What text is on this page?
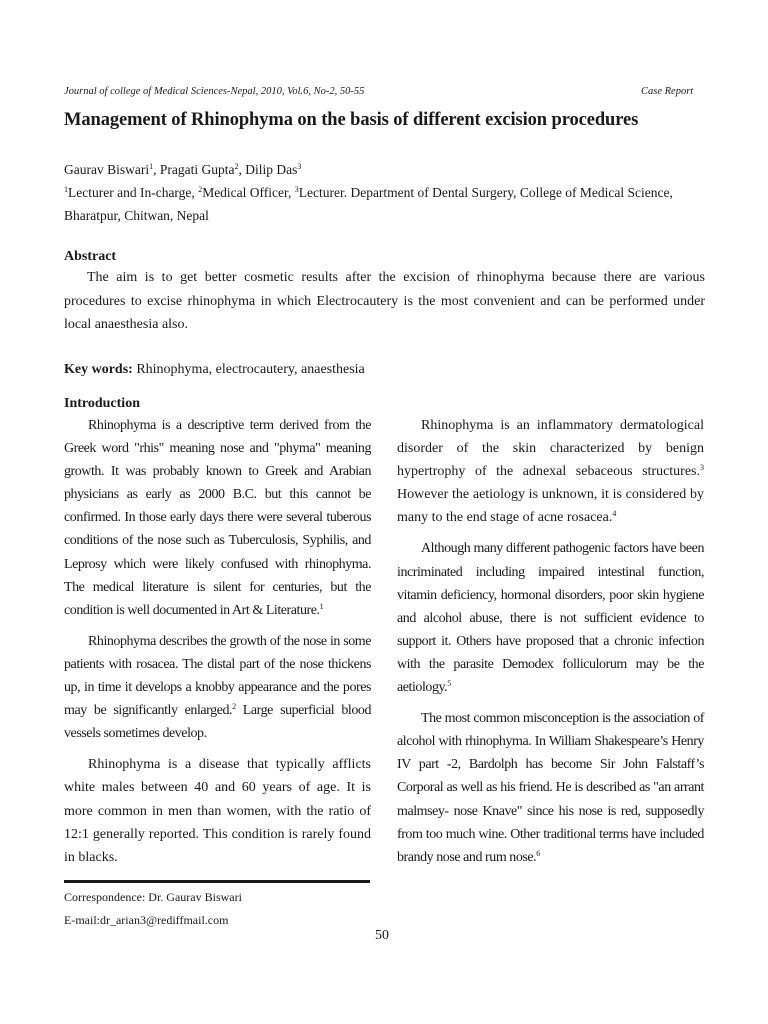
Journal of college of Medical Sciences-Nepal, 2010, Vol.6, No-2, 50-55	Case Report
Management of Rhinophyma on the basis of different excision procedures
Gaurav Biswari$^1$, Pragati Gupta$^2$, Dilip Das$^3$
$^1$Lecturer and In-charge, $^2$Medical Officer, $^3$Lecturer. Department of Dental Surgery, College of Medical Science, Bharatpur, Chitwan, Nepal
Abstract

The aim is to get better cosmetic results after the excision of rhinophyma because there are various procedures to excise rhinophyma in which Electrocautery is the most convenient and can be performed under local anaesthesia also.

Key words: Rhinophyma, electrocautery, anaesthesia
Introduction

Rhinophyma is a descriptive term derived from the Greek word "rhis" meaning nose and "phyma" meaning growth. It was probably known to Greek and Arabian physicians as early as 2000 B.C. but this cannot be confirmed. In those early days there were several tuberous conditions of the nose such as Tuberculosis, Syphilis, and Leprosy which were likely confused with rhinophyma. The medical literature is silent for centuries, but the condition is well documented in Art & Literature.$^1$

Rhinophyma describes the growth of the nose in some patients with rosacea. The distal part of the nose thickens up, in time it develops a knobby appearance and the pores may be significantly enlarged.$^2$ Large superficial blood vessels sometimes develop.

Rhinophyma is a disease that typically afflicts white males between 40 and 60 years of age. It is more common in men than women, with the ratio of 12:1 generally reported. This condition is rarely found in blacks.

Rhinophyma is an inflammatory dermatological disorder of the skin characterized by benign hypertrophy of the adnexal sebaceous structures.$^3$ However the aetiology is unknown, it is considered by many to the end stage of acne rosacea.$^4$

Although many different pathogenic factors have been incriminated including impaired intestinal function, vitamin deficiency, hormonal disorders, poor skin hygiene and alcohol abuse, there is not sufficient evidence to support it. Others have proposed that a chronic infection with the parasite Demodex folliculorum may be the aetiology.$^5$

The most common misconception is the association of alcohol with rhinophyma. In William Shakespeare’s Henry IV part -2, Bardolph has become Sir John Falstaff’s Corporal as well as his friend. He is described as "an arrant malmsey- nose Knave" since his nose is red, supposedly from too much wine. Other traditional terms have included brandy nose and rum nose.$^6$

Correspondence: Dr. Gaurav Biswari
E-mail:dr_arian3@rediffmail.com
50
